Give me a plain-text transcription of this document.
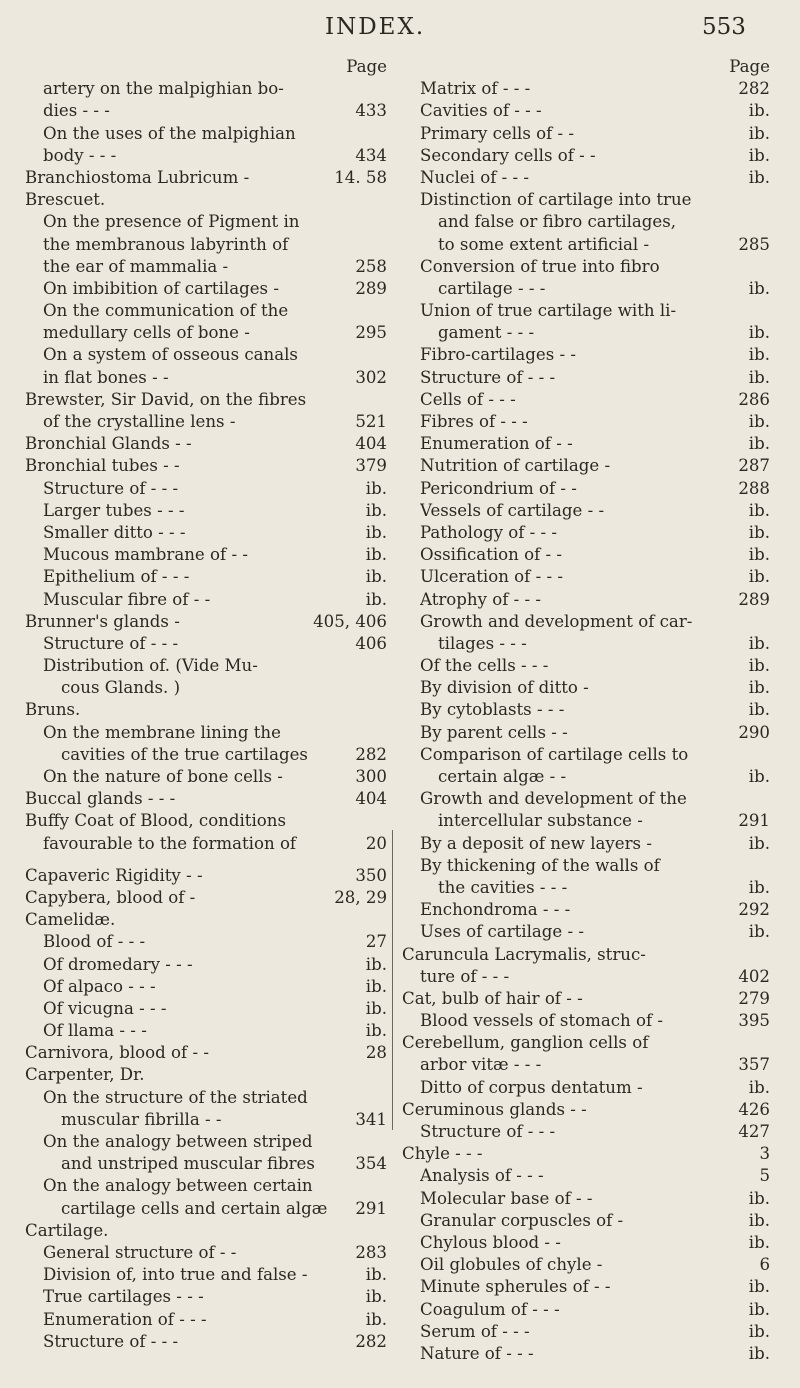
INDEX.	553
Page
artery on the malpighian bo-
dies - - -	433
On the uses of the malpighian
body - - -	434
Branchiostoma Lubricum -	14. 58
Brescuet.
On the presence of Pigment in
the membranous labyrinth of
the ear of mammalia -	258
On imbibition of cartilages -	289
On the communication of the
medullary cells of bone -	295
On a system of osseous canals
in flat bones - -	302
Brewster, Sir David, on the fibres
of the crystalline lens -	521
Bronchial Glands - -	404
Bronchial tubes - -	379
Structure of - - -	ib.
Larger tubes - - -	ib.
Smaller ditto - - -	ib.
Mucous mambrane of - -	ib.
Epithelium of - - -	ib.
Muscular fibre of - -	ib.
Brunner's glands -	405, 406
Structure of - - -	406
Distribution of. (Vide Mu-
cous Glands. )
Bruns.
On the membrane lining the
cavities of the true cartilages	282
On the nature of bone cells -	300
Buccal glands - - -	404
Buffy Coat of Blood, conditions
favourable to the formation of	20
Capaveric Rigidity - -	350
Capybera, blood of -	28, 29
Camelidæ.
Blood of - - -	27
Of dromedary - - -	ib.
Of alpaco - - -	ib.
Of vicugna - - -	ib.
Of llama - - -	ib.
Carnivora, blood of - -	28
Carpenter, Dr.
On the structure of the striated
muscular fibrilla - -	341
On the analogy between striped
and unstriped muscular fibres	354
On the analogy between certain
cartilage cells and certain algæ	291
Cartilage.
General structure of - -	283
Division of, into true and false -	ib.
True cartilages - - -	ib.
Enumeration of - - -	ib.
Structure of - - -	282
Page
Matrix of - - -	282
Cavities of - - -	ib.
Primary cells of - -	ib.
Secondary cells of - -	ib.
Nuclei of - - -	ib.
Distinction of cartilage into true
and false or fibro cartilages,
to some extent artificial -	285
Conversion of true into fibro
cartilage - - -	ib.
Union of true cartilage with li-
gament - - -	ib.
Fibro-cartilages - -	ib.
Structure of - - -	ib.
Cells of - - -	286
Fibres of - - -	ib.
Enumeration of - -	ib.
Nutrition of cartilage -	287
Pericondrium of - -	288
Vessels of cartilage - -	ib.
Pathology of - - -	ib.
Ossification of - -	ib.
Ulceration of - - -	ib.
Atrophy of - - -	289
Growth and development of car-
tilages - - -	ib.
Of the cells - - -	ib.
By division of ditto -	ib.
By cytoblasts - - -	ib.
By parent cells - -	290
Comparison of cartilage cells to
certain algæ - -	ib.
Growth and development of the
intercellular substance -	291
By a deposit of new layers -	ib.
By thickening of the walls of
the cavities - - -	ib.
Enchondroma - - -	292
Uses of cartilage - -	ib.
Caruncula Lacrymalis, struc-
ture of - - -	402
Cat, bulb of hair of - -	279
Blood vessels of stomach of -	395
Cerebellum, ganglion cells of
arbor vitæ - - -	357
Ditto of corpus dentatum -	ib.
Ceruminous glands - -	426
Structure of - - -	427
Chyle - - -	3
Analysis of - - -	5
Molecular base of - -	ib.
Granular corpuscles of -	ib.
Chylous blood - -	ib.
Oil globules of chyle -	6
Minute spherules of - -	ib.
Coagulum of - - -	ib.
Serum of - - -	ib.
Nature of - - -	ib.
